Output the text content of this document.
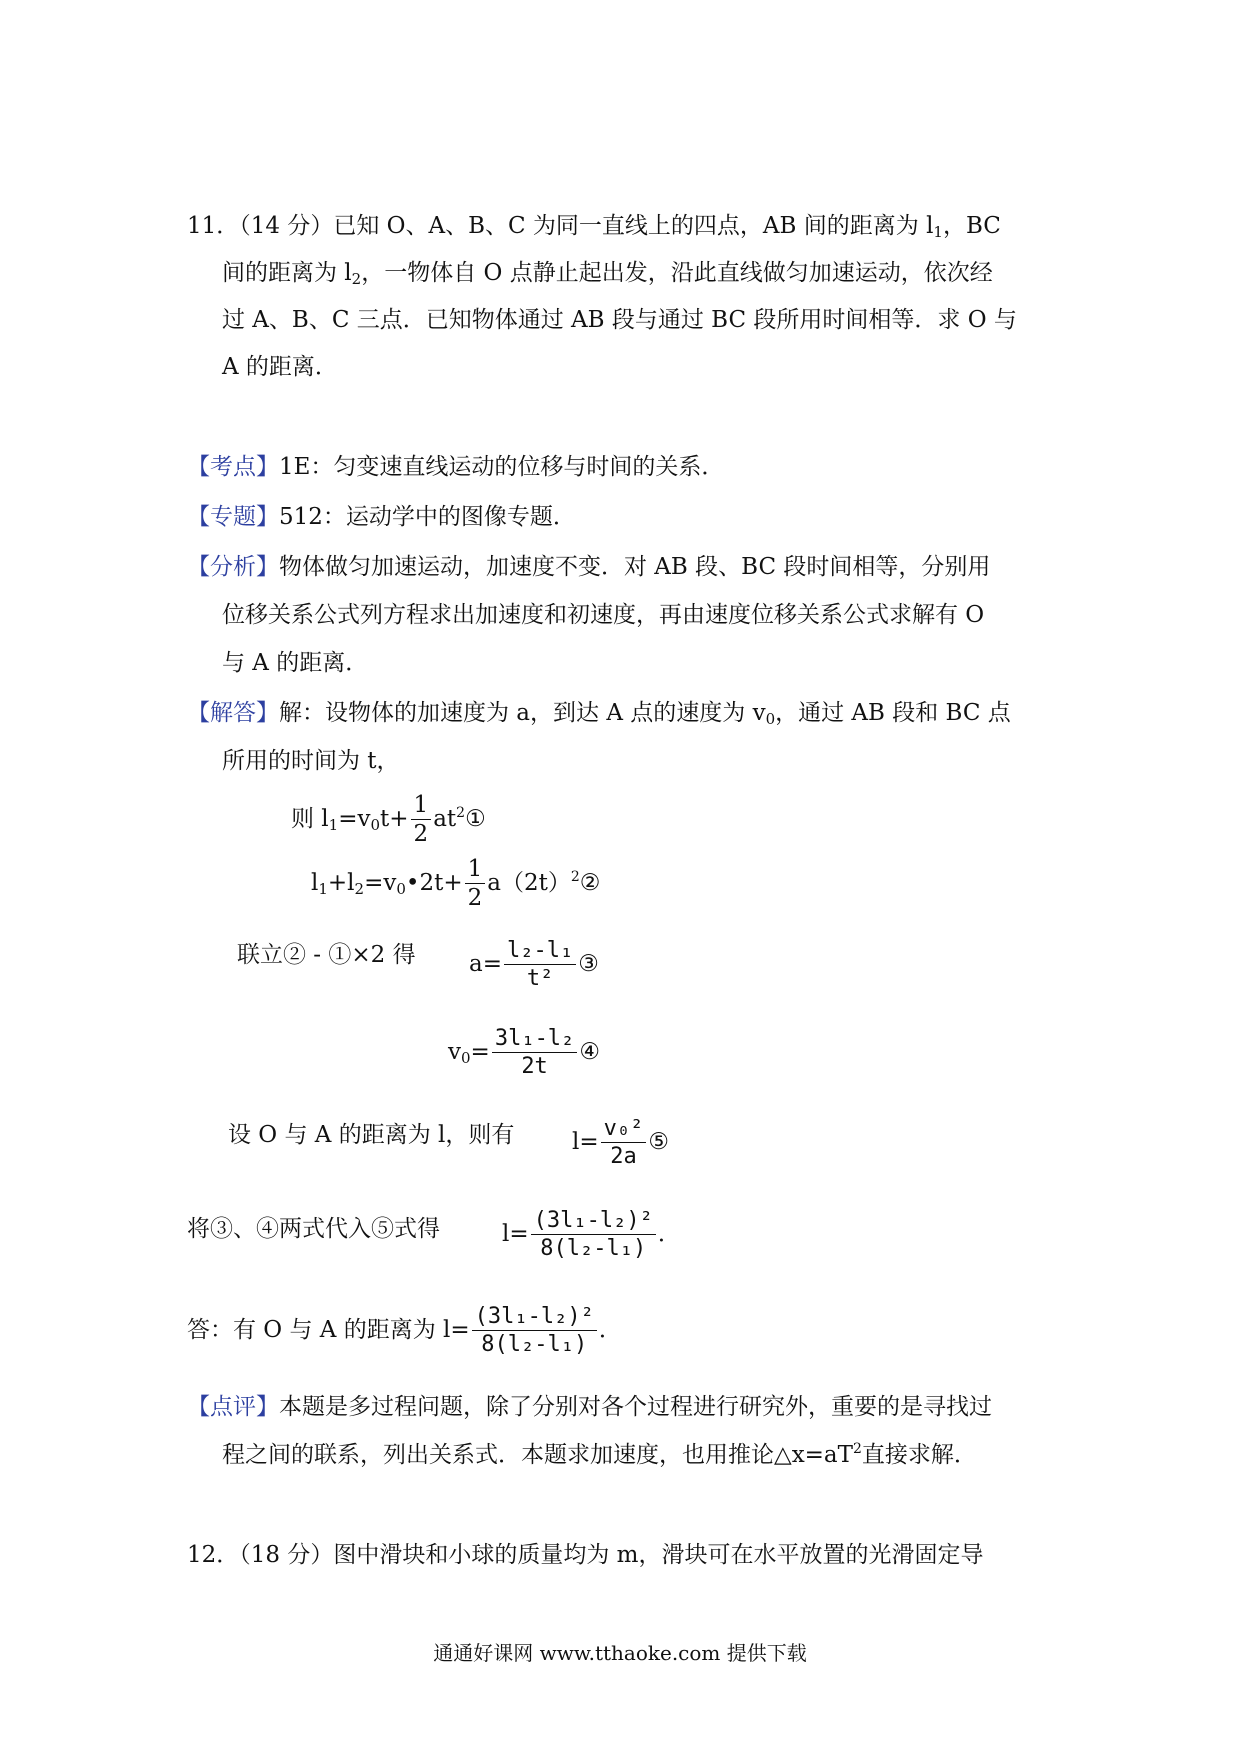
11．（14 分）已知 O、A、B、C 为同一直线上的四点，AB 间的距离为 $l_1$，BC
间的距离为 $l_2$，一物体自 O 点静止起出发，沿此直线做匀加速运动，依次经
过 A、B、C 三点．已知物体通过 AB 段与通过 BC 段所用时间相等．求 O 与
A 的距离．
【考点】1E：匀变速直线运动的位移与时间的关系．
【专题】512：运动学中的图像专题．
【分析】物体做匀加速运动，加速度不变．对 AB 段、BC 段时间相等，分别用
位移关系公式列方程求出加速度和初速度，再由速度位移关系公式求解有 O
与 A 的距离．
【解答】解：设物体的加速度为 a，到达 A 点的速度为 $v_0$，通过 AB 段和 BC 点
所用的时间为 t，
则 $l_1=v_0t+ \frac{1}{2}$ $at^2①$
$l_1+l_2=v_0•2t+ \frac{1}{2}$ $a(2t)^2②$
联立② - ①×2 得 $a= \frac{\text{l₂-l₁}}{\text{t²}}$ ③
$v_0= \frac{\text{3l₁-l₂}}{2t}$ ④
设 O 与 A 的距离为 l，则有	$l= \frac{\text{v₀²}}{2a}$ ⑤
将③、④两式代入⑤式得	$l= \frac{\text{(3l₁-l₂)²}}{\text{8(l₂-l₁)}}$ ．
答：有 O 与 A 的距离为 $l= \frac{\text{(3l₁-l₂)²}}{\text{8(l₂-l₁)}}$ ．
【点评】本题是多过程问题，除了分别对各个过程进行研究外，重要的是寻找过
程之间的联系，列出关系式．本题求加速度，也用推论$\triangle x=aT^2$直接求解．
12．（18 分）图中滑块和小球的质量均为 m，滑块可在水平放置的光滑固定导
通通好课网 www.tthaoke.com 提供下载
